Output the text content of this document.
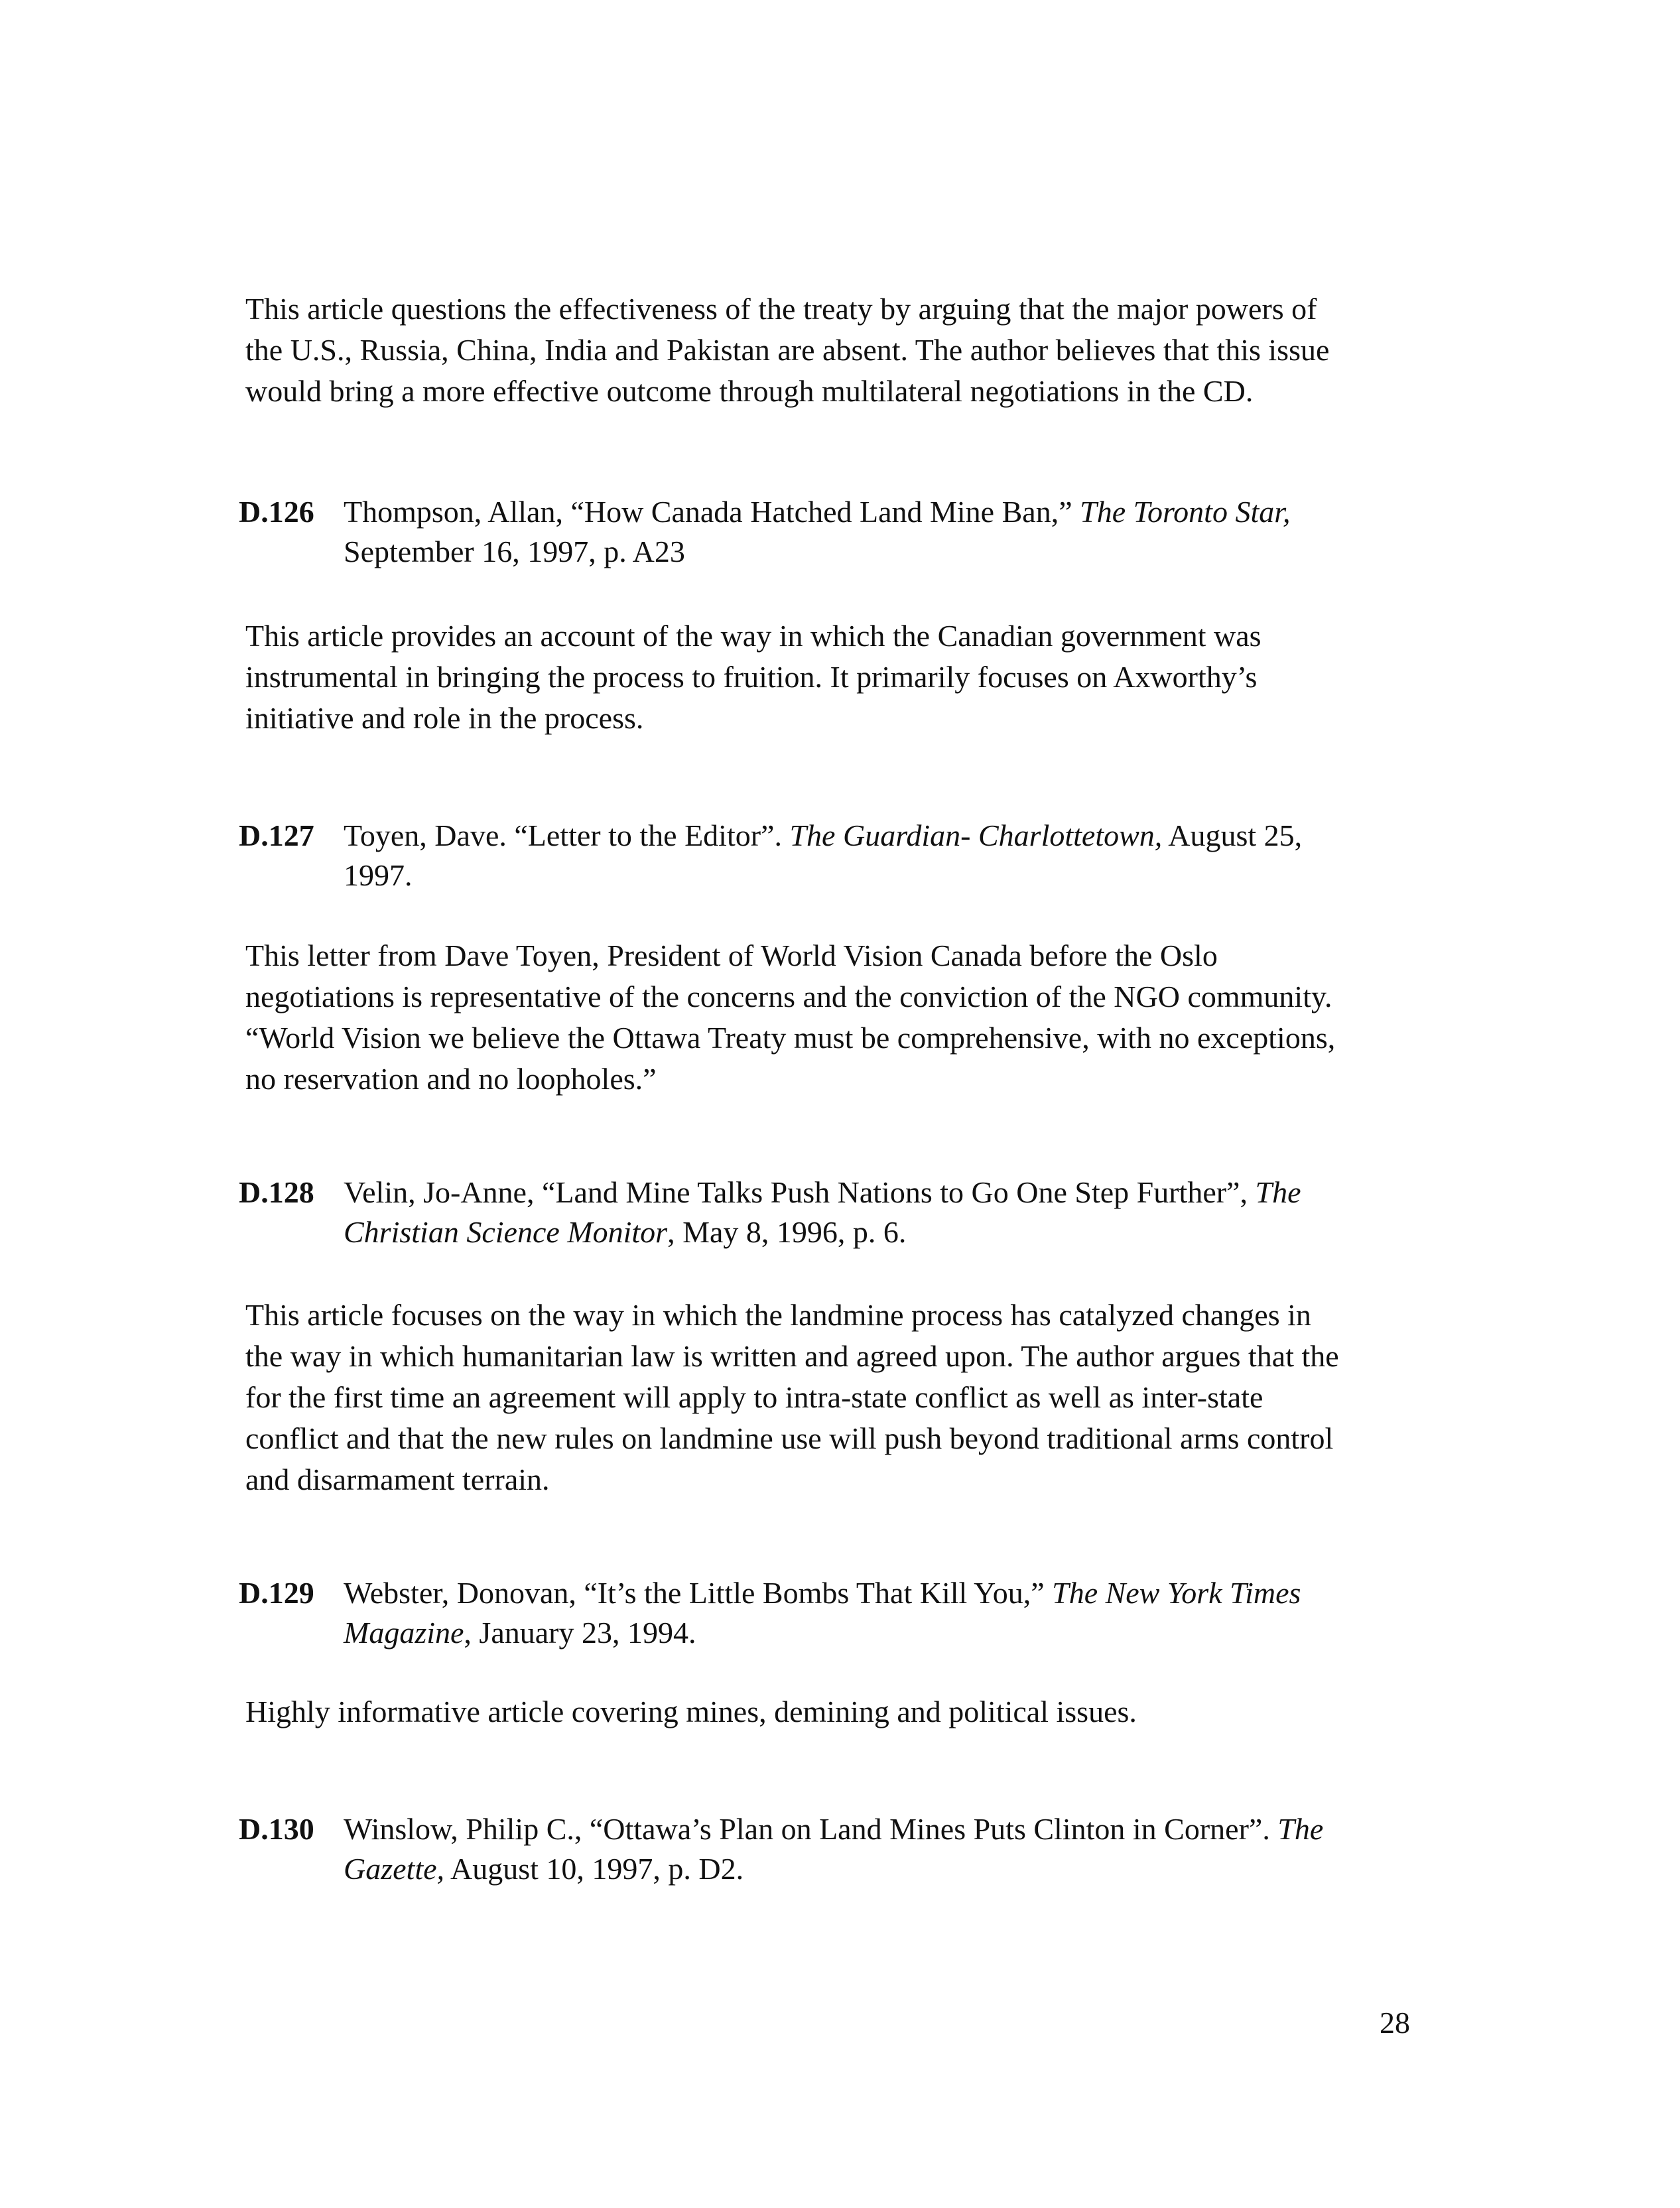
This article questions the effectiveness of the treaty by arguing that the major powers of
the U.S., Russia, China, India and Pakistan are absent. The author believes that this issue
would bring a more effective outcome through multilateral negotiations in the CD.

D.126 Thompson, Allan, “How Canada Hatched Land Mine Ban,” The Toronto Star,
September 16, 1997, p. A23

This article provides an account of the way in which the Canadian government was
instrumental in bringing the process to fruition. It primarily focuses on Axworthy’s
initiative and role in the process.

D.127 Toyen, Dave. “Letter to the Editor”. The Guardian- Charlottetown, August 25,
1997.

This letter from Dave Toyen, President of World Vision Canada before the Oslo
negotiations is representative of the concerns and the conviction of the NGO community.
“World Vision we believe the Ottawa Treaty must be comprehensive, with no exceptions,
no reservation and no loopholes.”

D.128 Velin, Jo-Anne, “Land Mine Talks Push Nations to Go One Step Further”, The
Christian Science Monitor, May 8, 1996, p. 6.

This article focuses on the way in which the landmine process has catalyzed changes in
the way in which humanitarian law is written and agreed upon. The author argues that the
for the first time an agreement will apply to intra-state conflict as well as inter-state
conflict and that the new rules on landmine use will push beyond traditional arms control
and disarmament terrain.

D.129 Webster, Donovan, “It’s the Little Bombs That Kill You,” The New York Times
Magazine, January 23, 1994.

Highly informative article covering mines, demining and political issues.

D.130 Winslow, Philip C., “Ottawa’s Plan on Land Mines Puts Clinton in Corner”. The
Gazette, August 10, 1997, p. D2.

28
